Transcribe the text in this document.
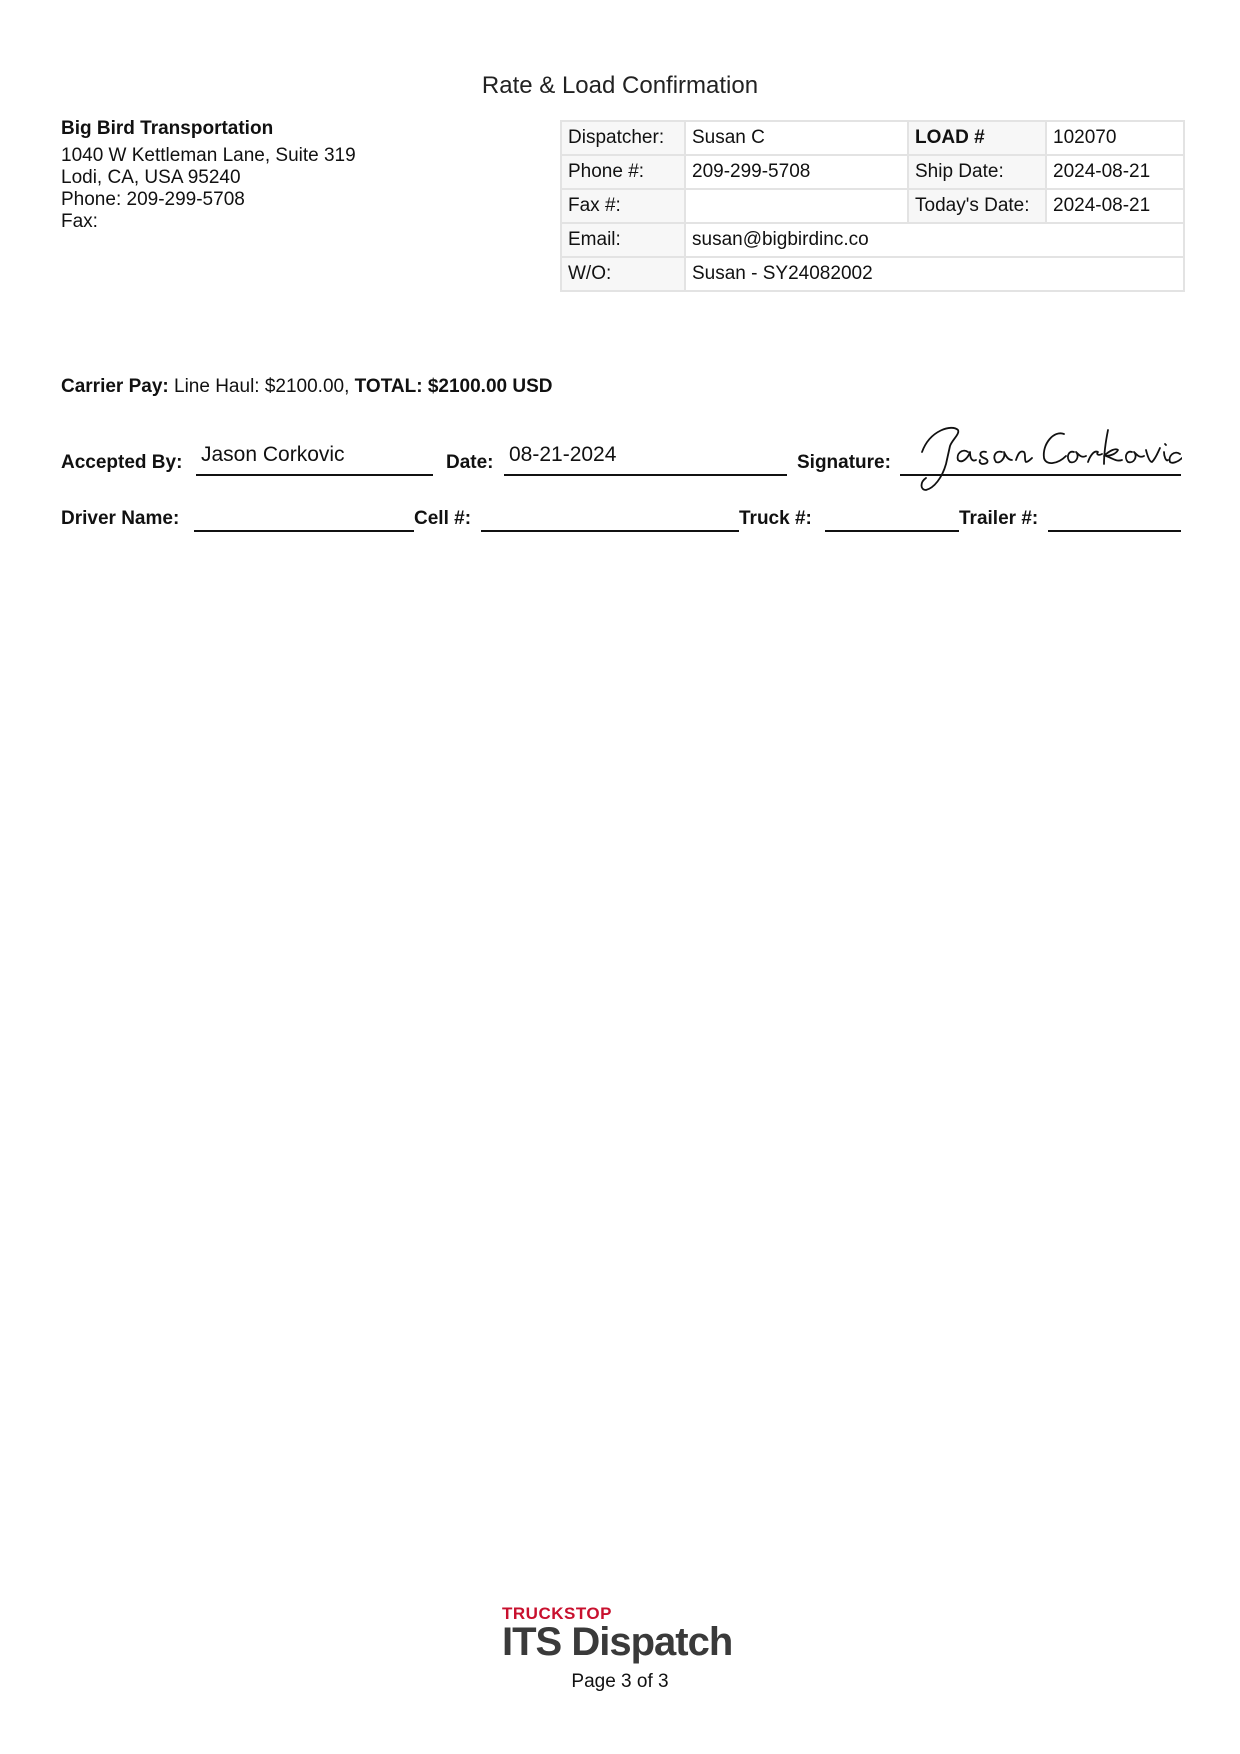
Rate & Load Confirmation
Big Bird Transportation
1040 W Kettleman Lane, Suite 319
Lodi, CA, USA 95240
Phone: 209-299-5708
Fax:
Dispatcher:	Susan C	LOAD #	102070
Phone #:	209-299-5708	Ship Date:	2024-08-21
Fax #:		Today's Date:	2024-08-21
Email:	susan@bigbirdinc.co		
W/O:	Susan - SY24082002		
Carrier Pay: Line Haul: $2100.00, TOTAL: $2100.00 USD
Accepted By: Jason Corkovic	Date: 08-21-2024	Signature:
Driver Name:	Cell #:	Truck #:	Trailer #:
TRUCKSTOP
ITS Dispatch
Page 3 of 3
